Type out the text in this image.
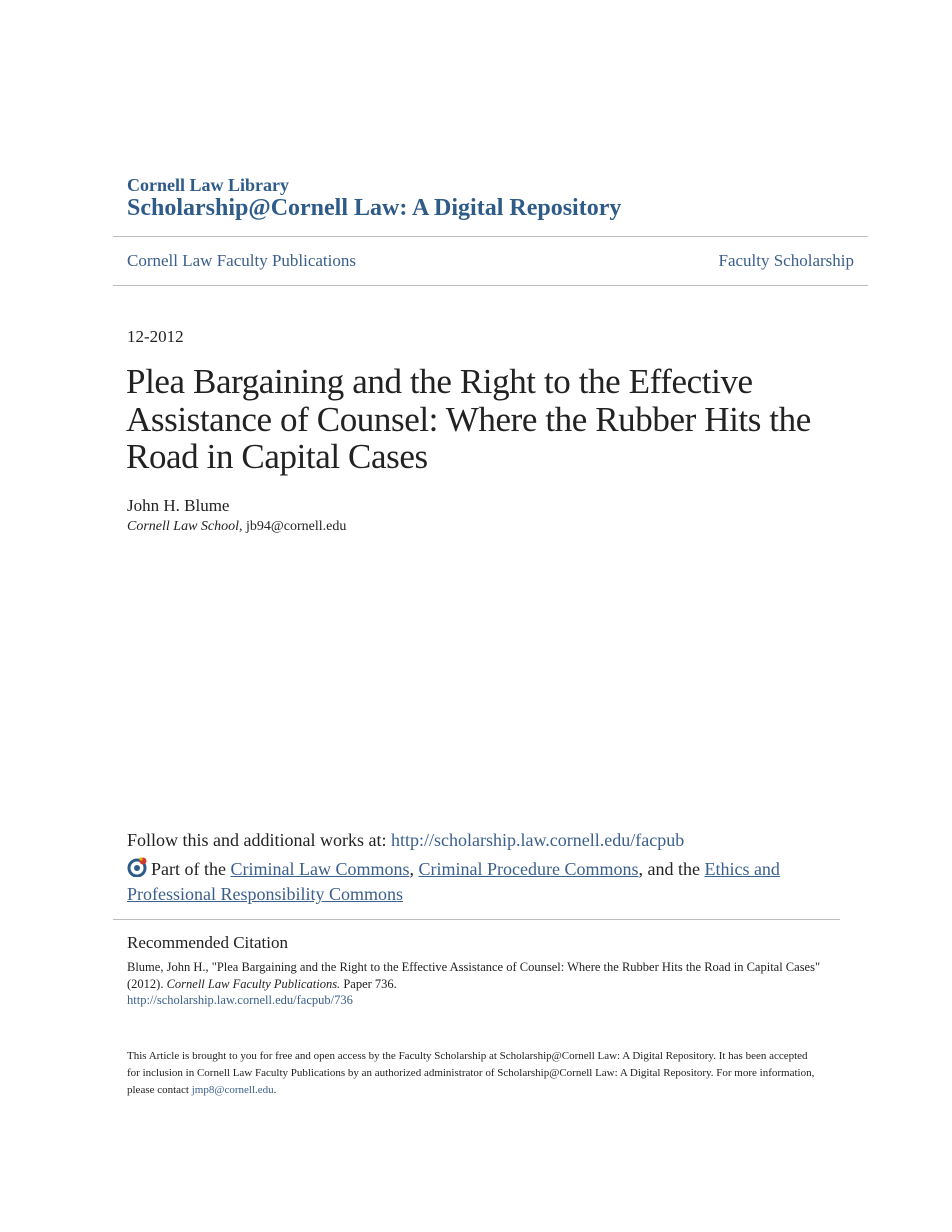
Cornell Law Library
Scholarship@Cornell Law: A Digital Repository
Cornell Law Faculty Publications	Faculty Scholarship
12-2012
Plea Bargaining and the Right to the Effective Assistance of Counsel: Where the Rubber Hits the Road in Capital Cases
John H. Blume
Cornell Law School, jb94@cornell.edu
Follow this and additional works at: http://scholarship.law.cornell.edu/facpub
Part of the Criminal Law Commons, Criminal Procedure Commons, and the Ethics and Professional Responsibility Commons
Recommended Citation
Blume, John H., "Plea Bargaining and the Right to the Effective Assistance of Counsel: Where the Rubber Hits the Road in Capital Cases" (2012). Cornell Law Faculty Publications. Paper 736.
http://scholarship.law.cornell.edu/facpub/736
This Article is brought to you for free and open access by the Faculty Scholarship at Scholarship@Cornell Law: A Digital Repository. It has been accepted for inclusion in Cornell Law Faculty Publications by an authorized administrator of Scholarship@Cornell Law: A Digital Repository. For more information, please contact jmp8@cornell.edu.
